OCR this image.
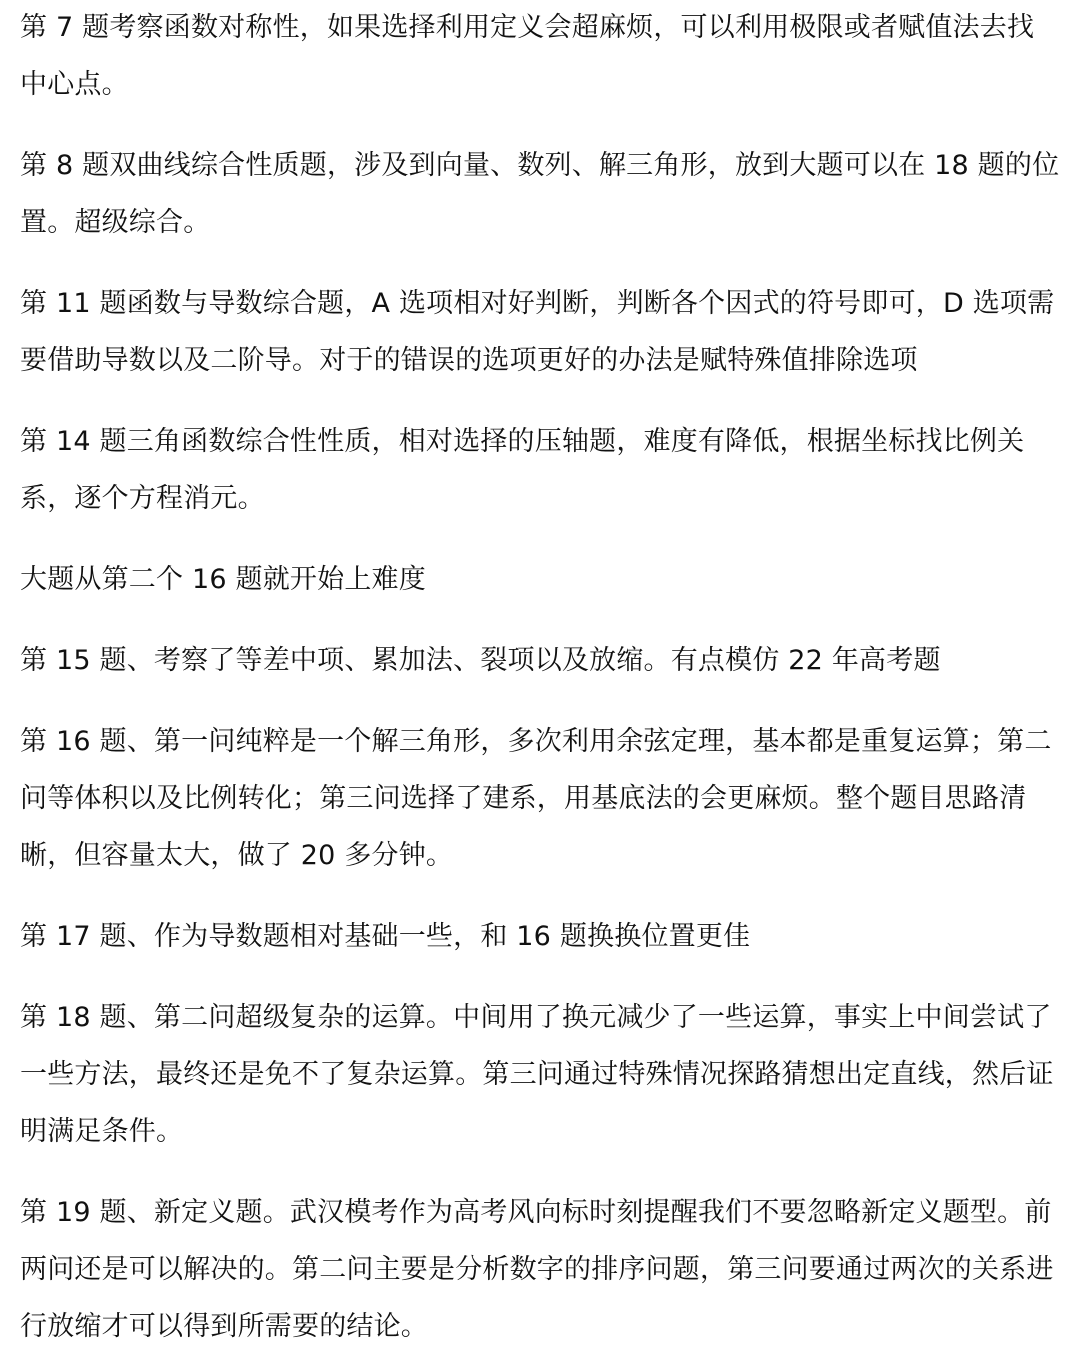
第 7 题考察函数对称性，如果选择利用定义会超麻烦，可以利用极限或者赋值法去找中心点。

第 8 题双曲线综合性质题，涉及到向量、数列、解三角形，放到大题可以在 18 题的位置。超级综合。

第 11 题函数与导数综合题，A 选项相对好判断，判断各个因式的符号即可，D 选项需要借助导数以及二阶导。对于的错误的选项更好的办法是赋特殊值排除选项

第 14 题三角函数综合性性质，相对选择的压轴题，难度有降低，根据坐标找比例关系，逐个方程消元。

大题从第二个 16 题就开始上难度

第 15 题、考察了等差中项、累加法、裂项以及放缩。有点模仿 22 年高考题

第 16 题、第一问纯粹是一个解三角形，多次利用余弦定理，基本都是重复运算；第二问等体积以及比例转化；第三问选择了建系，用基底法的会更麻烦。整个题目思路清晰，但容量太大，做了 20 多分钟。

第 17 题、作为导数题相对基础一些，和 16 题换换位置更佳

第 18 题、第二问超级复杂的运算。中间用了换元减少了一些运算，事实上中间尝试了一些方法，最终还是免不了复杂运算。第三问通过特殊情况探路猜想出定直线，然后证明满足条件。

第 19 题、新定义题。武汉模考作为高考风向标时刻提醒我们不要忽略新定义题型。前两问还是可以解决的。第二问主要是分析数字的排序问题，第三问要通过两次的关系进行放缩才可以得到所需要的结论。
